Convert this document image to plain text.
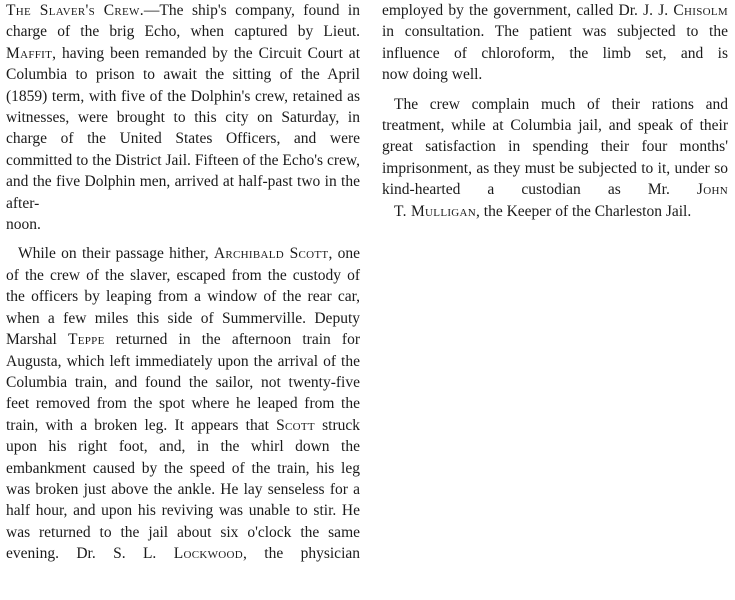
The Slaver's Crew.—The ship's company, found in charge of the brig Echo, when captured by Lieut. Maffit, having been remanded by the Circuit Court at Columbia to prison to await the sitting of the April (1859) term, with five of the Dolphin's crew, retained as witnesses, were brought to this city on Saturday, in charge of the United States Officers, and were committed to the District Jail. Fifteen of the Echo's crew, and the five Dolphin men, arrived at half-past two in the after-
noon.

While on their passage hither, Archibald Scott, one of the crew of the slaver, escaped from the custody of the officers by leaping from a window of the rear car, when a few miles this side of Summerville. Deputy Marshal Teppe returned in the afternoon train for Augusta, which left immediately upon the arrival of the Columbia train, and found the sailor, not twenty-five feet removed from the spot where he leaped from the train, with a broken leg. It appears that Scott struck upon his right foot, and, in the whirl down the embankment caused by the speed of the train, his leg was broken just above the ankle. He lay senseless for a half hour, and upon his reviving was unable to stir. He was returned to the jail about six o'clock the same evening. Dr. S. L. Lockwood, the physician

employed by the government, called Dr. J. J. Chisolm in consultation. The patient was subjected to the influence of chloroform, the limb set, and is
now doing well.

The crew complain much of their rations and treatment, while at Columbia jail, and speak of their great satisfaction in spending their four months' imprisonment, as they must be subjected to it, under so kind-hearted a custodian as Mr. John
T. Mulligan, the Keeper of the Charleston Jail.
